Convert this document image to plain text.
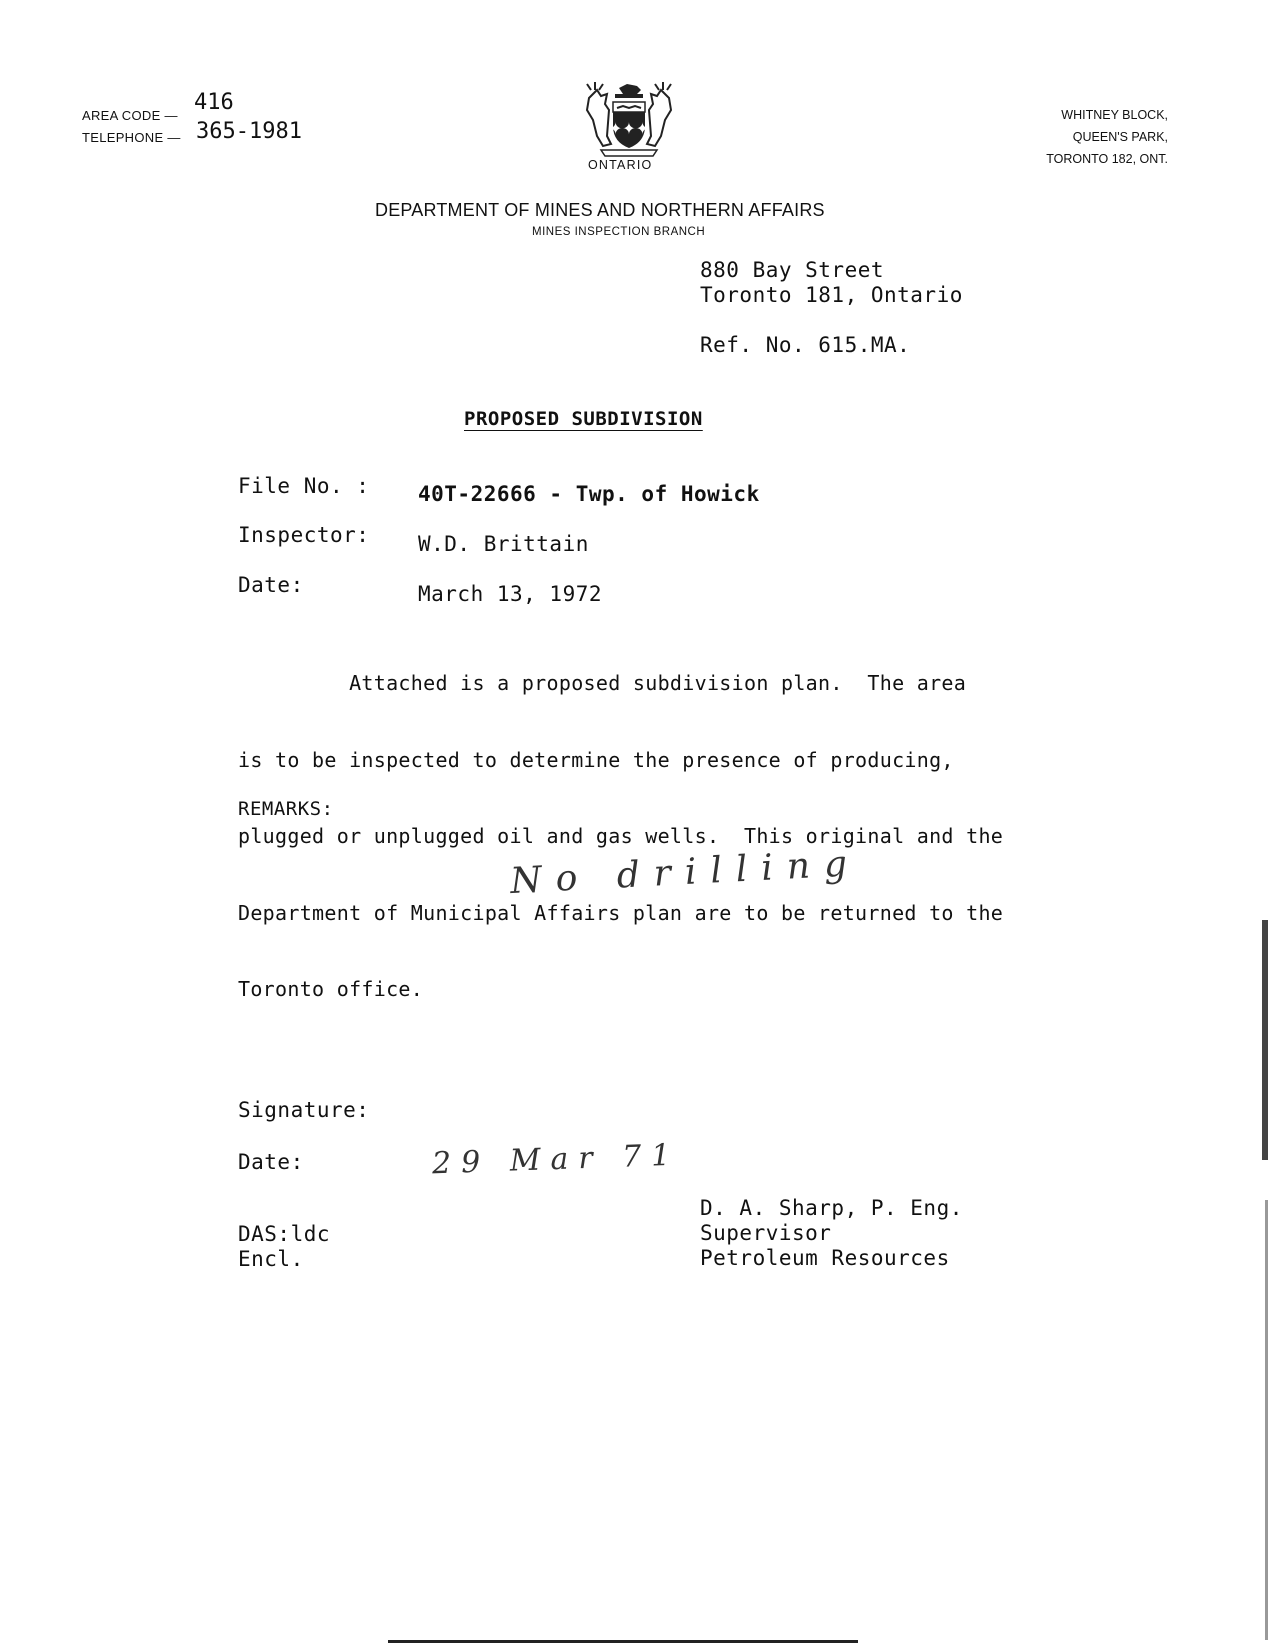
AREA CODE —
416
TELEPHONE — 365-1981	✦✦✦
ONTARIO
WHITNEY BLOCK,
QUEEN'S PARK,
TORONTO 182, ONT.
DEPARTMENT OF MINES AND NORTHERN AFFAIRS
MINES INSPECTION BRANCH
880 Bay Street
Toronto 181, Ontario
Ref. No. 615.MA.
PROPOSED SUBDIVISION
File No. : 40T-22666 - Twp. of Howick
Inspector: W.D. Brittain
Date:	March 13, 1972

Attached is a proposed subdivision plan.  The area

is to be inspected to determine the presence of producing,

plugged or unplugged oil and gas wells.  This original and the

Department of Municipal Affairs plan are to be returned to the

Toronto office.

REMARKS:
No drilling
Signature:
Date:	29 Mar 71
D. A. Sharp, P. Eng.
Supervisor
Petroleum Resources
DAS:ldc
Encl.
